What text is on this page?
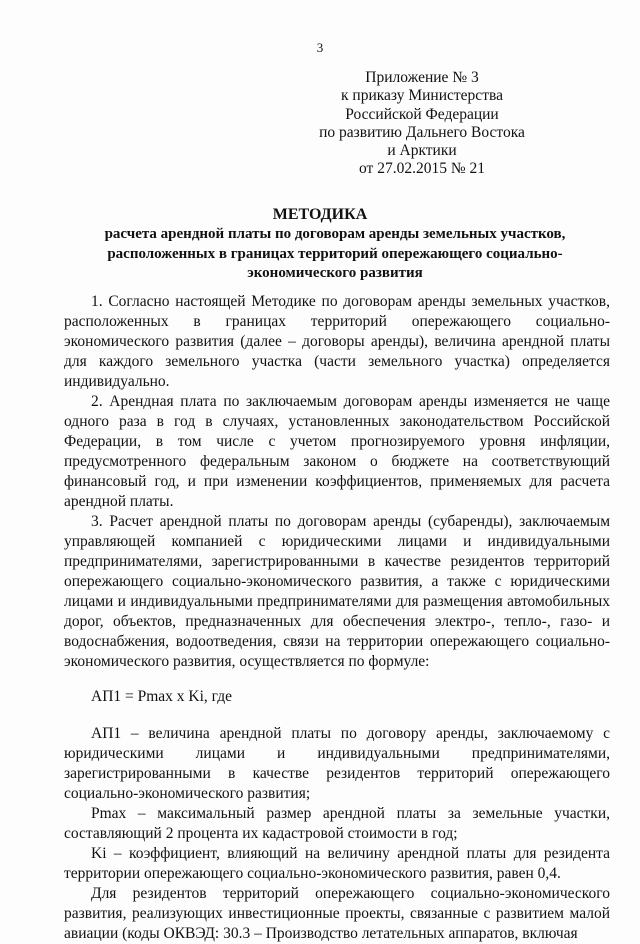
3
Приложение № 3
к приказу Министерства
Российской Федерации
по развитию Дальнего Востока
и Арктики
от 27.02.2015 № 21
МЕТОДИКА
расчета арендной платы по договорам аренды земельных участков, расположенных в границах территорий опережающего социально-экономического развития

1. Согласно настоящей Методике по договорам аренды земельных участков, расположенных в границах территорий опережающего социально-экономического развития (далее – договоры аренды), величина арендной платы для каждого земельного участка (части земельного участка) определяется индивидуально.

2. Арендная плата по заключаемым договорам аренды изменяется не чаще одного раза в год в случаях, установленных законодательством Российской Федерации, в том числе с учетом прогнозируемого уровня инфляции, предусмотренного федеральным законом о бюджете на соответствующий финансовый год, и при изменении коэффициентов, применяемых для расчета арендной платы.

3. Расчет арендной платы по договорам аренды (субаренды), заключаемым управляющей компанией с юридическими лицами и индивидуальными предпринимателями, зарегистрированными в качестве резидентов территорий опережающего социально-экономического развития, а также с юридическими лицами и индивидуальными предпринимателями для размещения автомобильных дорог, объектов, предназначенных для обеспечения электро-, тепло-, газо- и водоснабжения, водоотведения, связи на территории опережающего социально-экономического развития, осуществляется по формуле:

АП1 = Pmax x Ki, где

АП1 – величина арендной платы по договору аренды, заключаемому с юридическими лицами и индивидуальными предпринимателями, зарегистрированными в качестве резидентов территорий опережающего социально-экономического развития;

Pmax – максимальный размер арендной платы за земельные участки, составляющий 2 процента их кадастровой стоимости в год;

Ki – коэффициент, влияющий на величину арендной платы для резидента территории опережающего социально-экономического развития, равен 0,4.

Для резидентов территорий опережающего социально-экономического развития, реализующих инвестиционные проекты, связанные с развитием малой авиации (коды ОКВЭД: 30.3 – Производство летательных аппаратов, включая
